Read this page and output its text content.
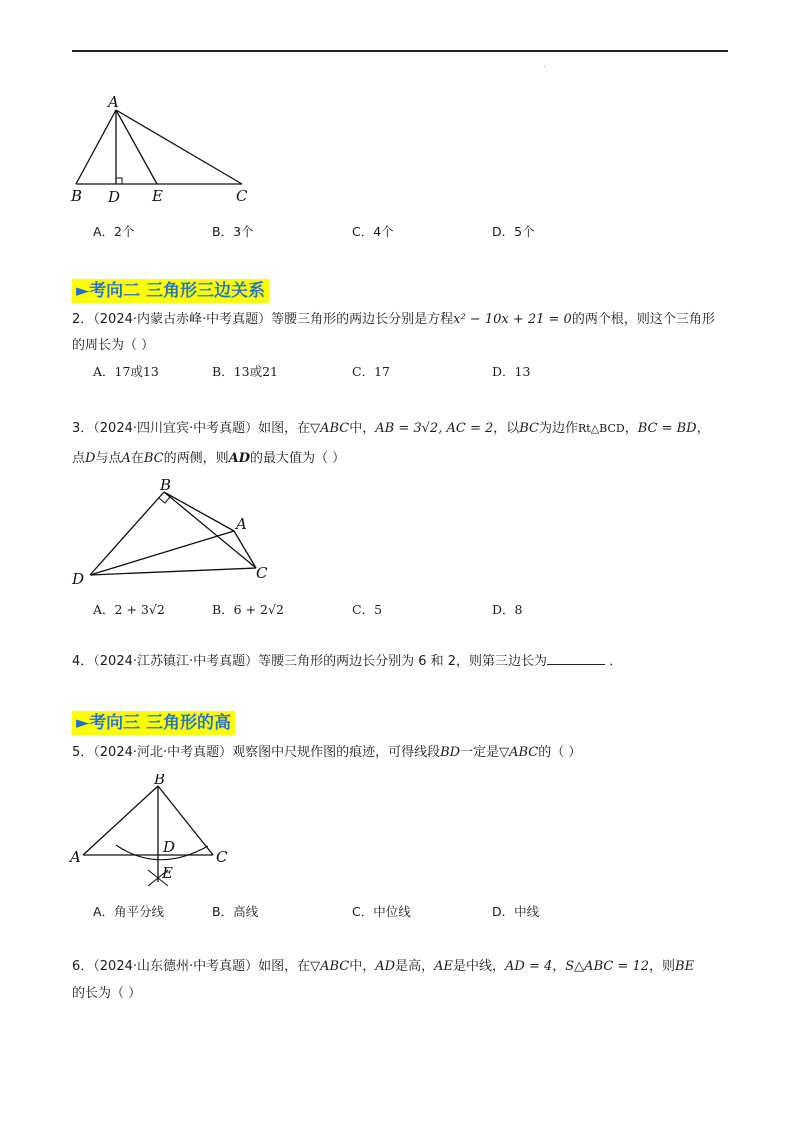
.
A
B D E	C
A．2个	B．3个	C．4个	D．5个
►考向二 三角形三边关系
2．（2024·内蒙古赤峰·中考真题）等腰三角形的两边长分别是方程x² − 10x + 21 = 0的两个根，则这个三角形
的周长为（ ）
A．17或13	B．13或21	C．17	D．13
3．（2024·四川宜宾·中考真题）如图，在▽ABC中，AB = 3√2, AC = 2，以BC为边作Rt△BCD，BC = BD，
点D与点A在BC的两侧，则AD的最大值为（ ）
B
A
D	C
A．2 + 3√2	B．6 + 2√2	C．5	D．8
4．（2024·江苏镇江·中考真题）等腰三角形的两边长分别为 6 和 2，则第三边长为	．
►考向三 三角形的高
5．（2024·河北·中考真题）观察图中尺规作图的痕迹，可得线段BD一定是▽ABC的（ ）
A
B
D
C
E
A．角平分线	B．高线	C．中位线	D．中线
6．（2024·山东德州·中考真题）如图，在▽ABC中，AD是高，AE是中线，AD = 4，S△ABC = 12，则BE
的长为（ ）
